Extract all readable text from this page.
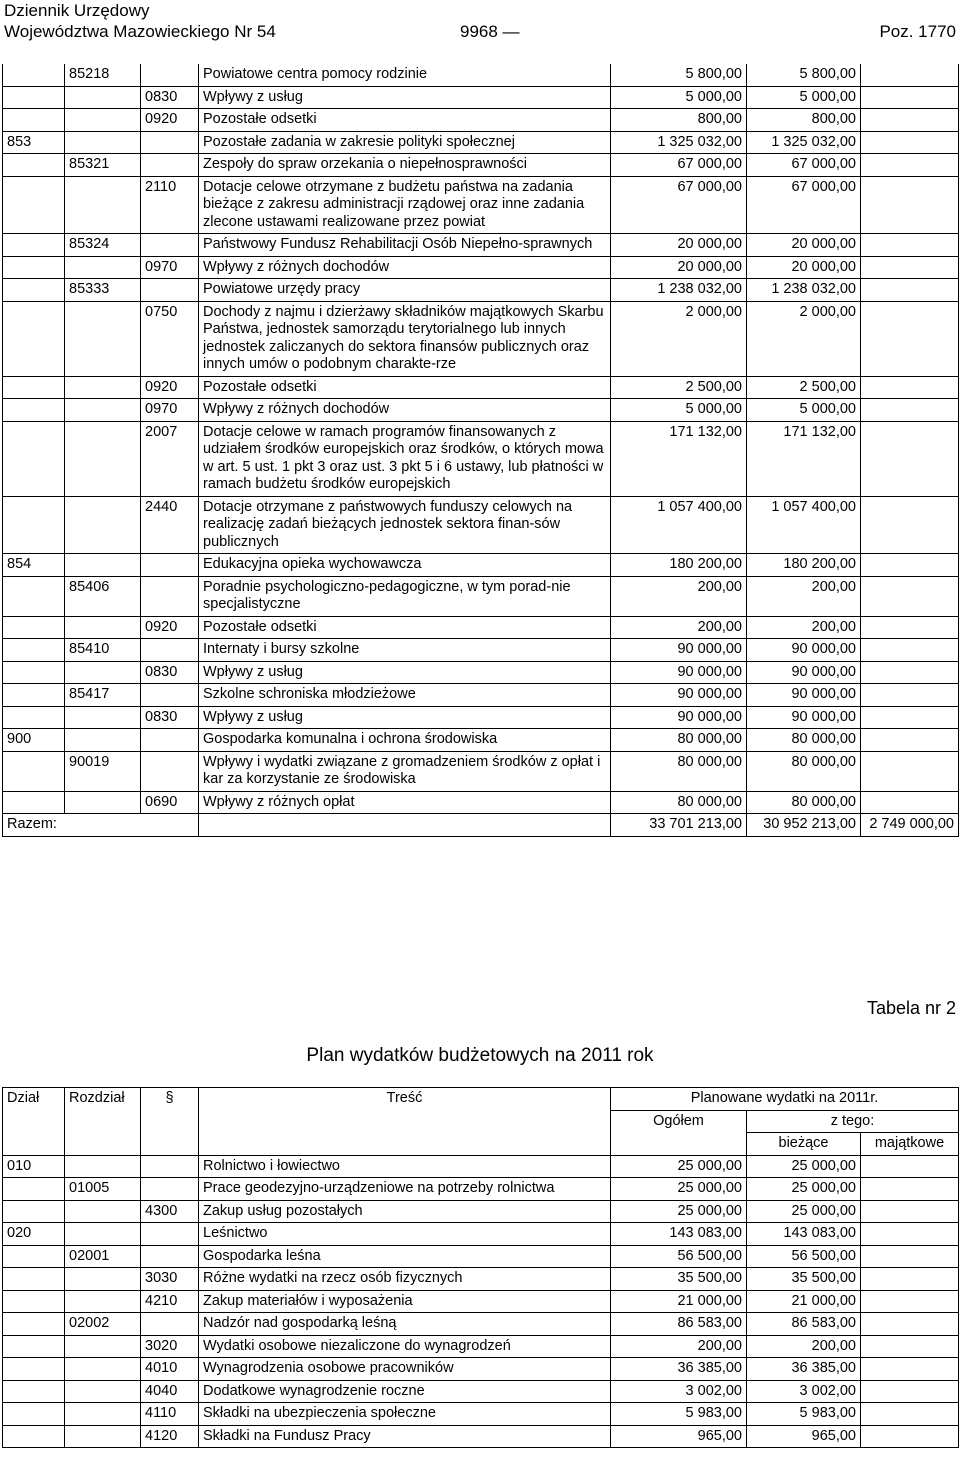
Dziennik Urzędowy
Województwa Mazowieckiego Nr 54	9968 —	Poz. 1770
	85218		Powiatowe centra pomocy rodzinie	5 800,00	5 800,00	
		0830	Wpływy z usług	5 000,00	5 000,00	
		0920	Pozostałe odsetki	800,00	800,00	
853			Pozostałe zadania w zakresie polityki społecznej	1 325 032,00	1 325 032,00	
	85321		Zespoły do spraw orzekania o niepełnosprawności	67 000,00	67 000,00	
		2110	Dotacje celowe otrzymane z budżetu państwa na zadania bieżące z zakresu administracji rządowej oraz inne zadania zlecone ustawami realizowane przez powiat	67 000,00	67 000,00	
	85324		Państwowy Fundusz Rehabilitacji Osób Niepełno-sprawnych	20 000,00	20 000,00	
		0970	Wpływy z różnych dochodów	20 000,00	20 000,00	
	85333		Powiatowe urzędy pracy	1 238 032,00	1 238 032,00	
		0750	Dochody z najmu i dzierżawy składników majątkowych Skarbu Państwa, jednostek samorządu terytorialnego lub innych jednostek zaliczanych do sektora finansów publicznych oraz innych umów o podobnym charakte-rze	2 000,00	2 000,00	
		0920	Pozostałe odsetki	2 500,00	2 500,00	
		0970	Wpływy z różnych dochodów	5 000,00	5 000,00	
		2007	Dotacje celowe w ramach programów finansowanych z udziałem środków europejskich oraz środków, o których mowa w art. 5 ust. 1 pkt 3 oraz ust. 3 pkt 5 i 6 ustawy, lub płatności w ramach budżetu środków europejskich	171 132,00	171 132,00	
		2440	Dotacje otrzymane z państwowych funduszy celowych na realizację zadań bieżących jednostek sektora finan-sów publicznych	1 057 400,00	1 057 400,00	
854			Edukacyjna opieka wychowawcza	180 200,00	180 200,00	
	85406		Poradnie psychologiczno-pedagogiczne, w tym porad-nie specjalistyczne	200,00	200,00	
		0920	Pozostałe odsetki	200,00	200,00	
	85410		Internaty i bursy szkolne	90 000,00	90 000,00	
		0830	Wpływy z usług	90 000,00	90 000,00	
	85417		Szkolne schroniska młodzieżowe	90 000,00	90 000,00	
		0830	Wpływy z usług	90 000,00	90 000,00	
900			Gospodarka komunalna i ochrona środowiska	80 000,00	80 000,00	
	90019		Wpływy i wydatki związane z gromadzeniem środków z opłat i kar za korzystanie ze środowiska	80 000,00	80 000,00	
		0690	Wpływy z różnych opłat	80 000,00	80 000,00	
Razem:				33 701 213,00	30 952 213,00	2 749 000,00
Tabela nr 2
Plan wydatków budżetowych na 2011 rok
Dział	Rozdział	§	Treść	Planowane wydatki na 2011r.		
				Ogółem	z tego:	
					bieżące	majątkowe
010			Rolnictwo i łowiectwo	25 000,00	25 000,00	
	01005		Prace geodezyjno-urządzeniowe na potrzeby rolnictwa	25 000,00	25 000,00	
		4300	Zakup usług pozostałych	25 000,00	25 000,00	
020			Leśnictwo	143 083,00	143 083,00	
	02001		Gospodarka leśna	56 500,00	56 500,00	
		3030	Różne wydatki na rzecz osób fizycznych	35 500,00	35 500,00	
		4210	Zakup materiałów i wyposażenia	21 000,00	21 000,00	
	02002		Nadzór nad gospodarką leśną	86 583,00	86 583,00	
		3020	Wydatki osobowe niezaliczone do wynagrodzeń	200,00	200,00	
		4010	Wynagrodzenia osobowe pracowników	36 385,00	36 385,00	
		4040	Dodatkowe wynagrodzenie roczne	3 002,00	3 002,00	
		4110	Składki na ubezpieczenia społeczne	5 983,00	5 983,00	
		4120	Składki na Fundusz Pracy	965,00	965,00	
